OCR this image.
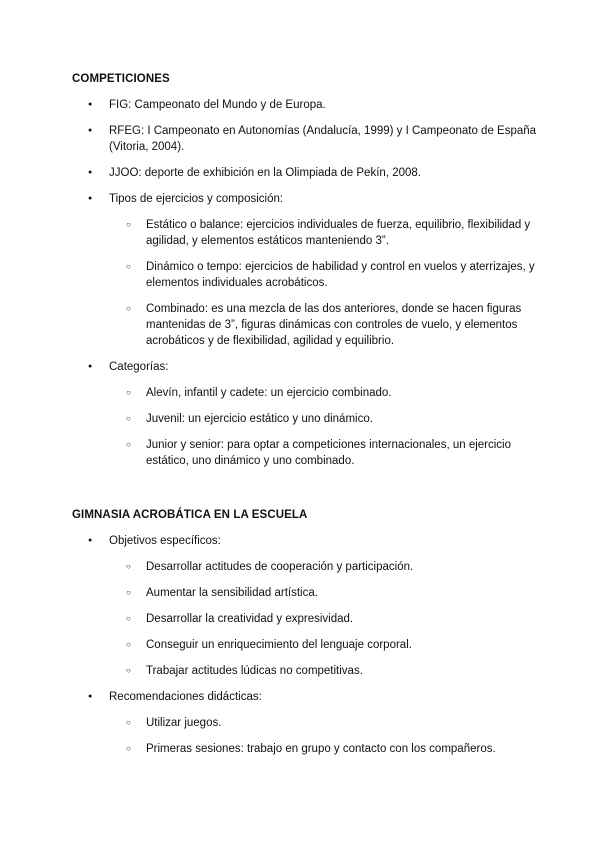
COMPETICIONES
● FIG: Campeonato del Mundo y de Europa.
● RFEG: I Campeonato en Autonomías (Andalucía, 1999) y I Campeonato de España (Vitoria, 2004).
● JJOO: deporte de exhibición en la Olimpiada de Pekín, 2008.
● Tipos de ejercicios y composición:
○ Estático o balance: ejercicios individuales de fuerza, equilibrio, flexibilidad y agilidad, y elementos estáticos manteniendo 3”.
○ Dinámico o tempo: ejercicios de habilidad y control en vuelos y aterrizajes, y elementos individuales acrobáticos.
○ Combinado: es una mezcla de las dos anteriores, donde se hacen figuras mantenidas de 3”, figuras dinámicas con controles de vuelo, y elementos acrobáticos y de flexibilidad, agilidad y equilibrio.
● Categorías:
○ Alevín, infantil y cadete: un ejercicio combinado.
○ Juvenil: un ejercicio estático y uno dinámico.
○ Junior y senior: para optar a competiciones internacionales, un ejercicio estático, uno dinámico y uno combinado.
GIMNASIA ACROBÁTICA EN LA ESCUELA
● Objetivos específicos:
○ Desarrollar actitudes de cooperación y participación.
○ Aumentar la sensibilidad artística.
○ Desarrollar la creatividad y expresividad.
○ Conseguir un enriquecimiento del lenguaje corporal.
○ Trabajar actitudes lúdicas no competitivas.
● Recomendaciones didácticas:
○ Utilizar juegos.
○ Primeras sesiones: trabajo en grupo y contacto con los compañeros.
